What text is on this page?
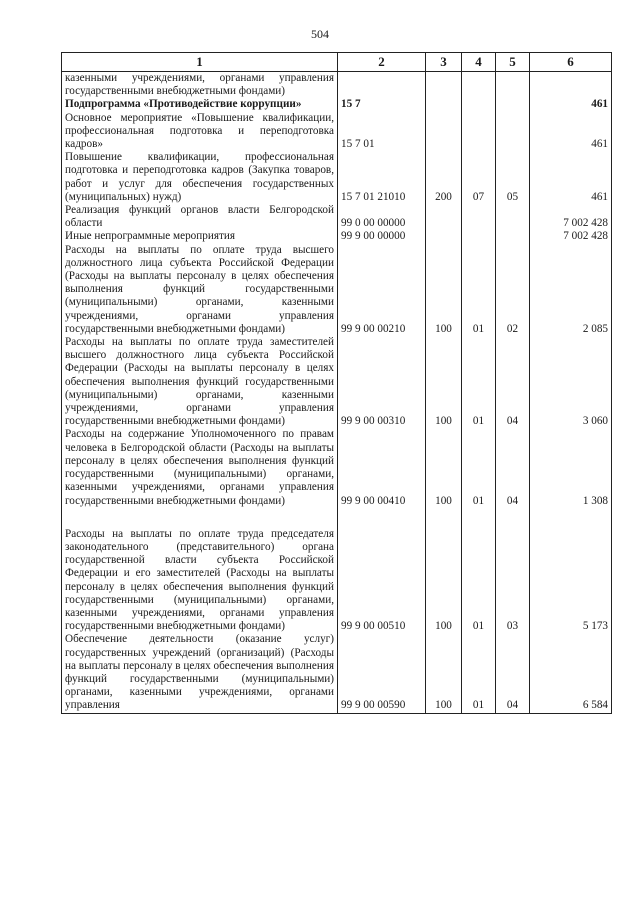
504
1	2	3	4	5	6
казенными учреждениями, органами управления государственными внебюджетными фондами)					
Подпрограмма «Противодействие коррупции»	15 7				461
Основное мероприятие «Повышение квалификации, профессиональная подготовка и переподготовка кадров»	15 7 01				461
Повышение квалификации, профессиональная подготовка и переподготовка кадров (Закупка товаров, работ и услуг для обеспечения государственных (муниципальных) нужд)	15 7 01 21010	200	07	05	461
Реализация функций органов власти Белгородской области	99 0 00 00000				7 002 428
Иные непрограммные мероприятия	99 9 00 00000				7 002 428
Расходы на выплаты по оплате труда высшего должностного лица субъекта Российской Федерации (Расходы на выплаты персоналу в целях обеспечения выполнения функций государственными (муниципальными) органами, казенными учреждениями, органами управления государственными внебюджетными фондами)	99 9 00 00210	100	01	02	2 085
Расходы на выплаты по оплате труда заместителей высшего должностного лица субъекта Российской Федерации (Расходы на выплаты персоналу в целях обеспечения выполнения функций государственными (муниципальными) органами, казенными учреждениями, органами управления государственными внебюджетными фондами)	99 9 00 00310	100	01	04	3 060
Расходы на содержание Уполномоченного по правам человека в Белгородской области (Расходы на выплаты персоналу в целях обеспечения выполнения функций государственными (муниципальными) органами, казенными учреждениями, органами управления государственными внебюджетными фондами)	99 9 00 00410	100	01	04	1 308

Расходы на выплаты по оплате труда председателя законодательного (представительного) органа государственной власти субъекта Российской Федерации и его заместителей (Расходы на выплаты персоналу в целях обеспечения выполнения функций государственными (муниципальными) органами, казенными учреждениями, органами управления государственными внебюджетными фондами)	99 9 00 00510	100	01	03	5 173
Обеспечение деятельности (оказание услуг) государственных учреждений (организаций) (Расходы на выплаты персоналу в целях обеспечения выполнения функций государственными (муниципальными) органами, казенными учреждениями, органами управления	99 9 00 00590	100	01	04	6 584
